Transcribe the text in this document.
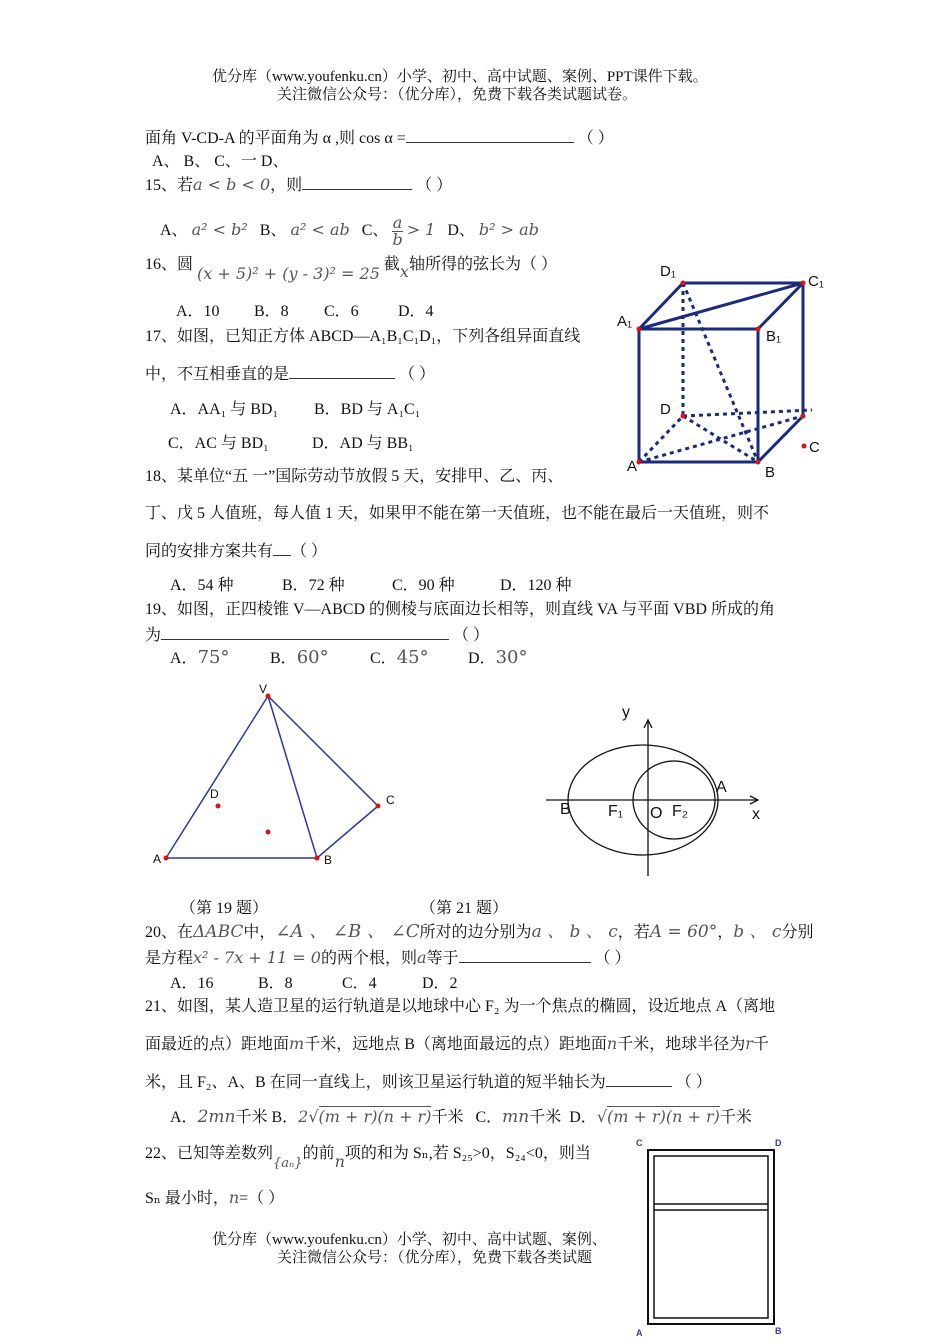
优分库（www.youfenku.cn）小学、初中、高中试题、案例、PPT课件下载。
关注微信公众号：（优分库），免费下载各类试题试卷。
面角 V-CD-A 的平面角为 α ,则 cos α =	（ ）
A、 B、 C、一 D、
15、若a < b < 0，则	（ ）
A、 a² < b² B、 a² < ab C、 $\frac{a}{b} > 1$ D、 b² > ab
16、圆 (x + 5)² + (y - 3)² = 25 截x轴所得的弦长为（ ）
A．10 B．8 C．6 D．4
17、如图，已知正方体 ABCD—A₁B₁C₁D₁，下列各组异面直线
中，不互相垂直的是	（ ）
A．AA₁ 与 BD₁ B．BD 与 A₁C₁
C．AC 与 BD₁	D．AD 与 BB₁
D₁
C₁
A₁
B₁
D
C
A	B
18、某单位“五 一”国际劳动节放假 5 天，安排甲、乙、丙、
丁、戊 5 人值班，每人值 1 天，如果甲不能在第一天值班，也不能在最后一天值班，则不
同的安排方案共有 （ ）
A．54 种	B．72 种	C．90 种	D．120 种
19、如图，正四棱锥 V—ABCD 的侧棱与底面边长相等，则直线 VA 与平面 VBD 所成的角
为	（ ）
A．75°	B．60°	C．45° D．30°
V
D	C
A	B
y
x
A
B F₁ O F₂
（第 19 题）	（第 21 题）
20、在ΔABC中，∠A 、 ∠B 、 ∠C所对的边分别为a 、 b 、 c，若A = 60°，b 、 c分别
是方程x² - 7x + 11 = 0的两个根，则a等于	（ ）
A．16	B．8	C．4	D．2
21、如图，某人造卫星的运行轨道是以地球中心 F₂ 为一个焦点的椭圆，设近地点 A（离地
面最近的点）距地面m千米，远地点 B（离地面最远的点）距地面n千米，地球半径为r千
米，且 F₂、A、B 在同一直线上，则该卫星运行轨道的短半轴长为	（ ）
A．2mn千米 B．2√(m + r)(n + r)千米 C．mn千米 D．√(m + r)(n + r)千米
22、已知等差数列$_{\{a_n\}}$的前n项的和为 Sₙ,若 S₂₅>0，S₂₄<0，则当
Sₙ 最小时，n=（ ）
C	D
A	B
优分库（www.youfenku.cn）小学、初中、高中试题、案例、
关注微信公众号：（优分库），免费下载各类试题
